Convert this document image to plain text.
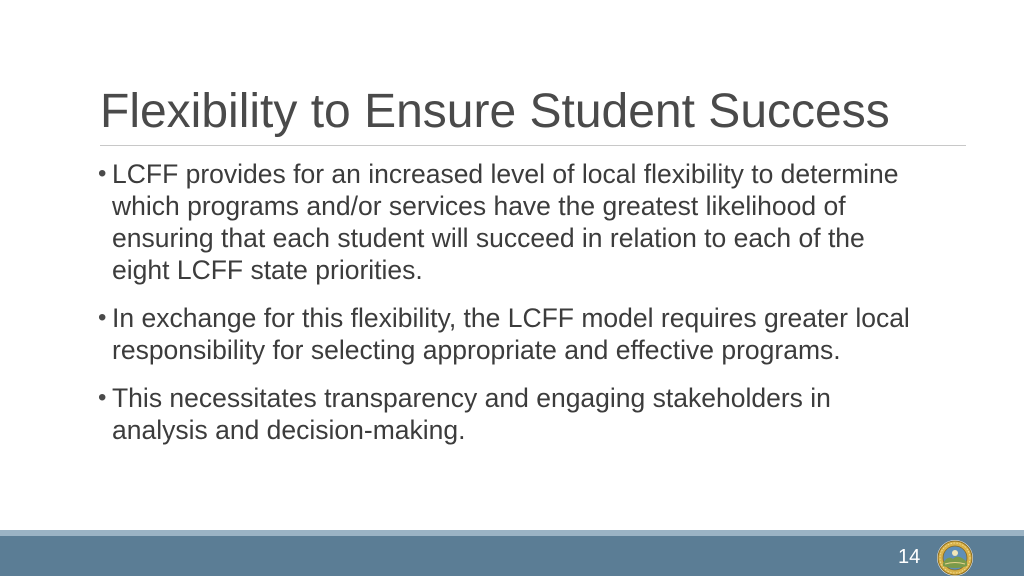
Flexibility to Ensure Student Success
• LCFF provides for an increased level of local flexibility to determine which programs and/or services have the greatest likelihood of ensuring that each student will succeed in relation to each of the eight LCFF state priorities.
• In exchange for this flexibility, the LCFF model requires greater local responsibility for selecting appropriate and effective programs.
• This necessitates transparency and engaging stakeholders in analysis and decision-making.
14
